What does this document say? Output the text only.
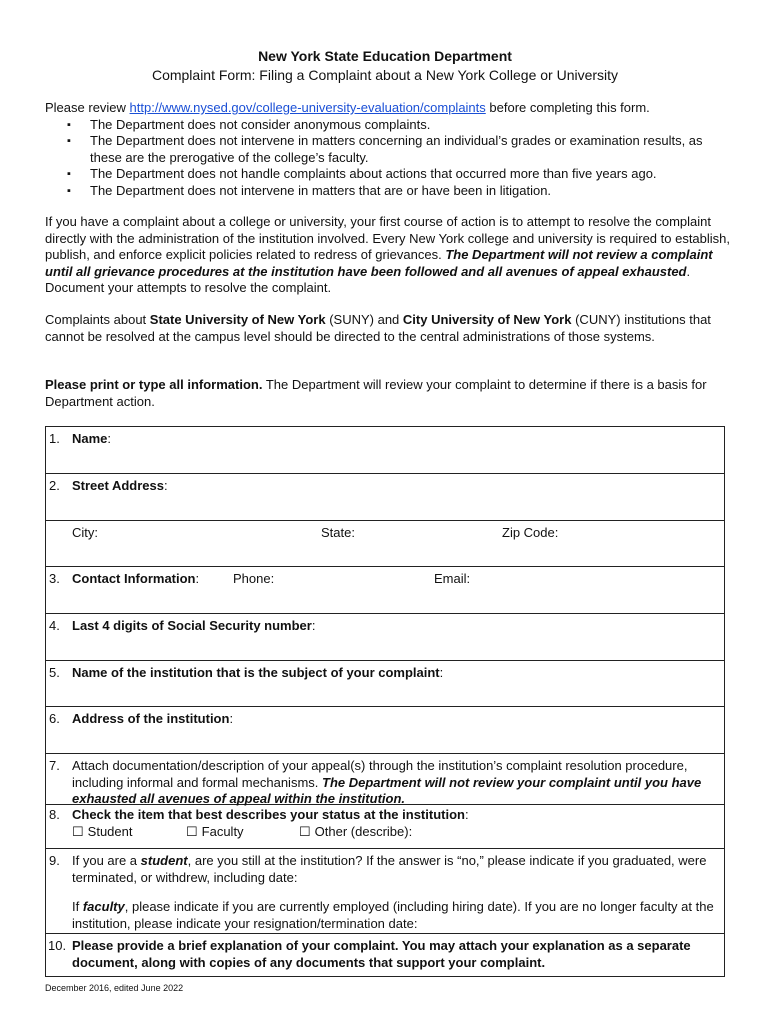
New York State Education Department
Complaint Form: Filing a Complaint about a New York College or University
Please review http://www.nysed.gov/college-university-evaluation/complaints before completing this form.
▪ The Department does not consider anonymous complaints.
▪ The Department does not intervene in matters concerning an individual’s grades or examination results, as these are the prerogative of the college’s faculty.
▪ The Department does not handle complaints about actions that occurred more than five years ago.
▪ The Department does not intervene in matters that are or have been in litigation.
If you have a complaint about a college or university, your first course of action is to attempt to resolve the complaint directly with the administration of the institution involved. Every New York college and university is required to establish, publish, and enforce explicit policies related to redress of grievances. The Department will not review a complaint until all grievance procedures at the institution have been followed and all avenues of appeal exhausted. Document your attempts to resolve the complaint.
Complaints about State University of New York (SUNY) and City University of New York (CUNY) institutions that cannot be resolved at the campus level should be directed to the central administrations of those systems.
Please print or type all information. The Department will review your complaint to determine if there is a basis for Department action.
1. Name:
2. Street Address:
City:	State:	Zip Code:
3. Contact Information:	Phone:	Email:
4. Last 4 digits of Social Security number:
5. Name of the institution that is the subject of your complaint:
6. Address of the institution:
7. Attach documentation/description of your appeal(s) through the institution’s complaint resolution procedure, including informal and formal mechanisms. The Department will not review your complaint until you have exhausted all avenues of appeal within the institution.
8. Check the item that best describes your status at the institution:
☐ Student	☐ Faculty	☐ Other (describe):
9. If you are a student, are you still at the institution? If the answer is “no,” please indicate if you graduated, were terminated, or withdrew, including date:
If faculty, please indicate if you are currently employed (including hiring date). If you are no longer faculty at the institution, please indicate your resignation/termination date:
10. Please provide a brief explanation of your complaint. You may attach your explanation as a separate document, along with copies of any documents that support your complaint.
December 2016, edited June 2022
